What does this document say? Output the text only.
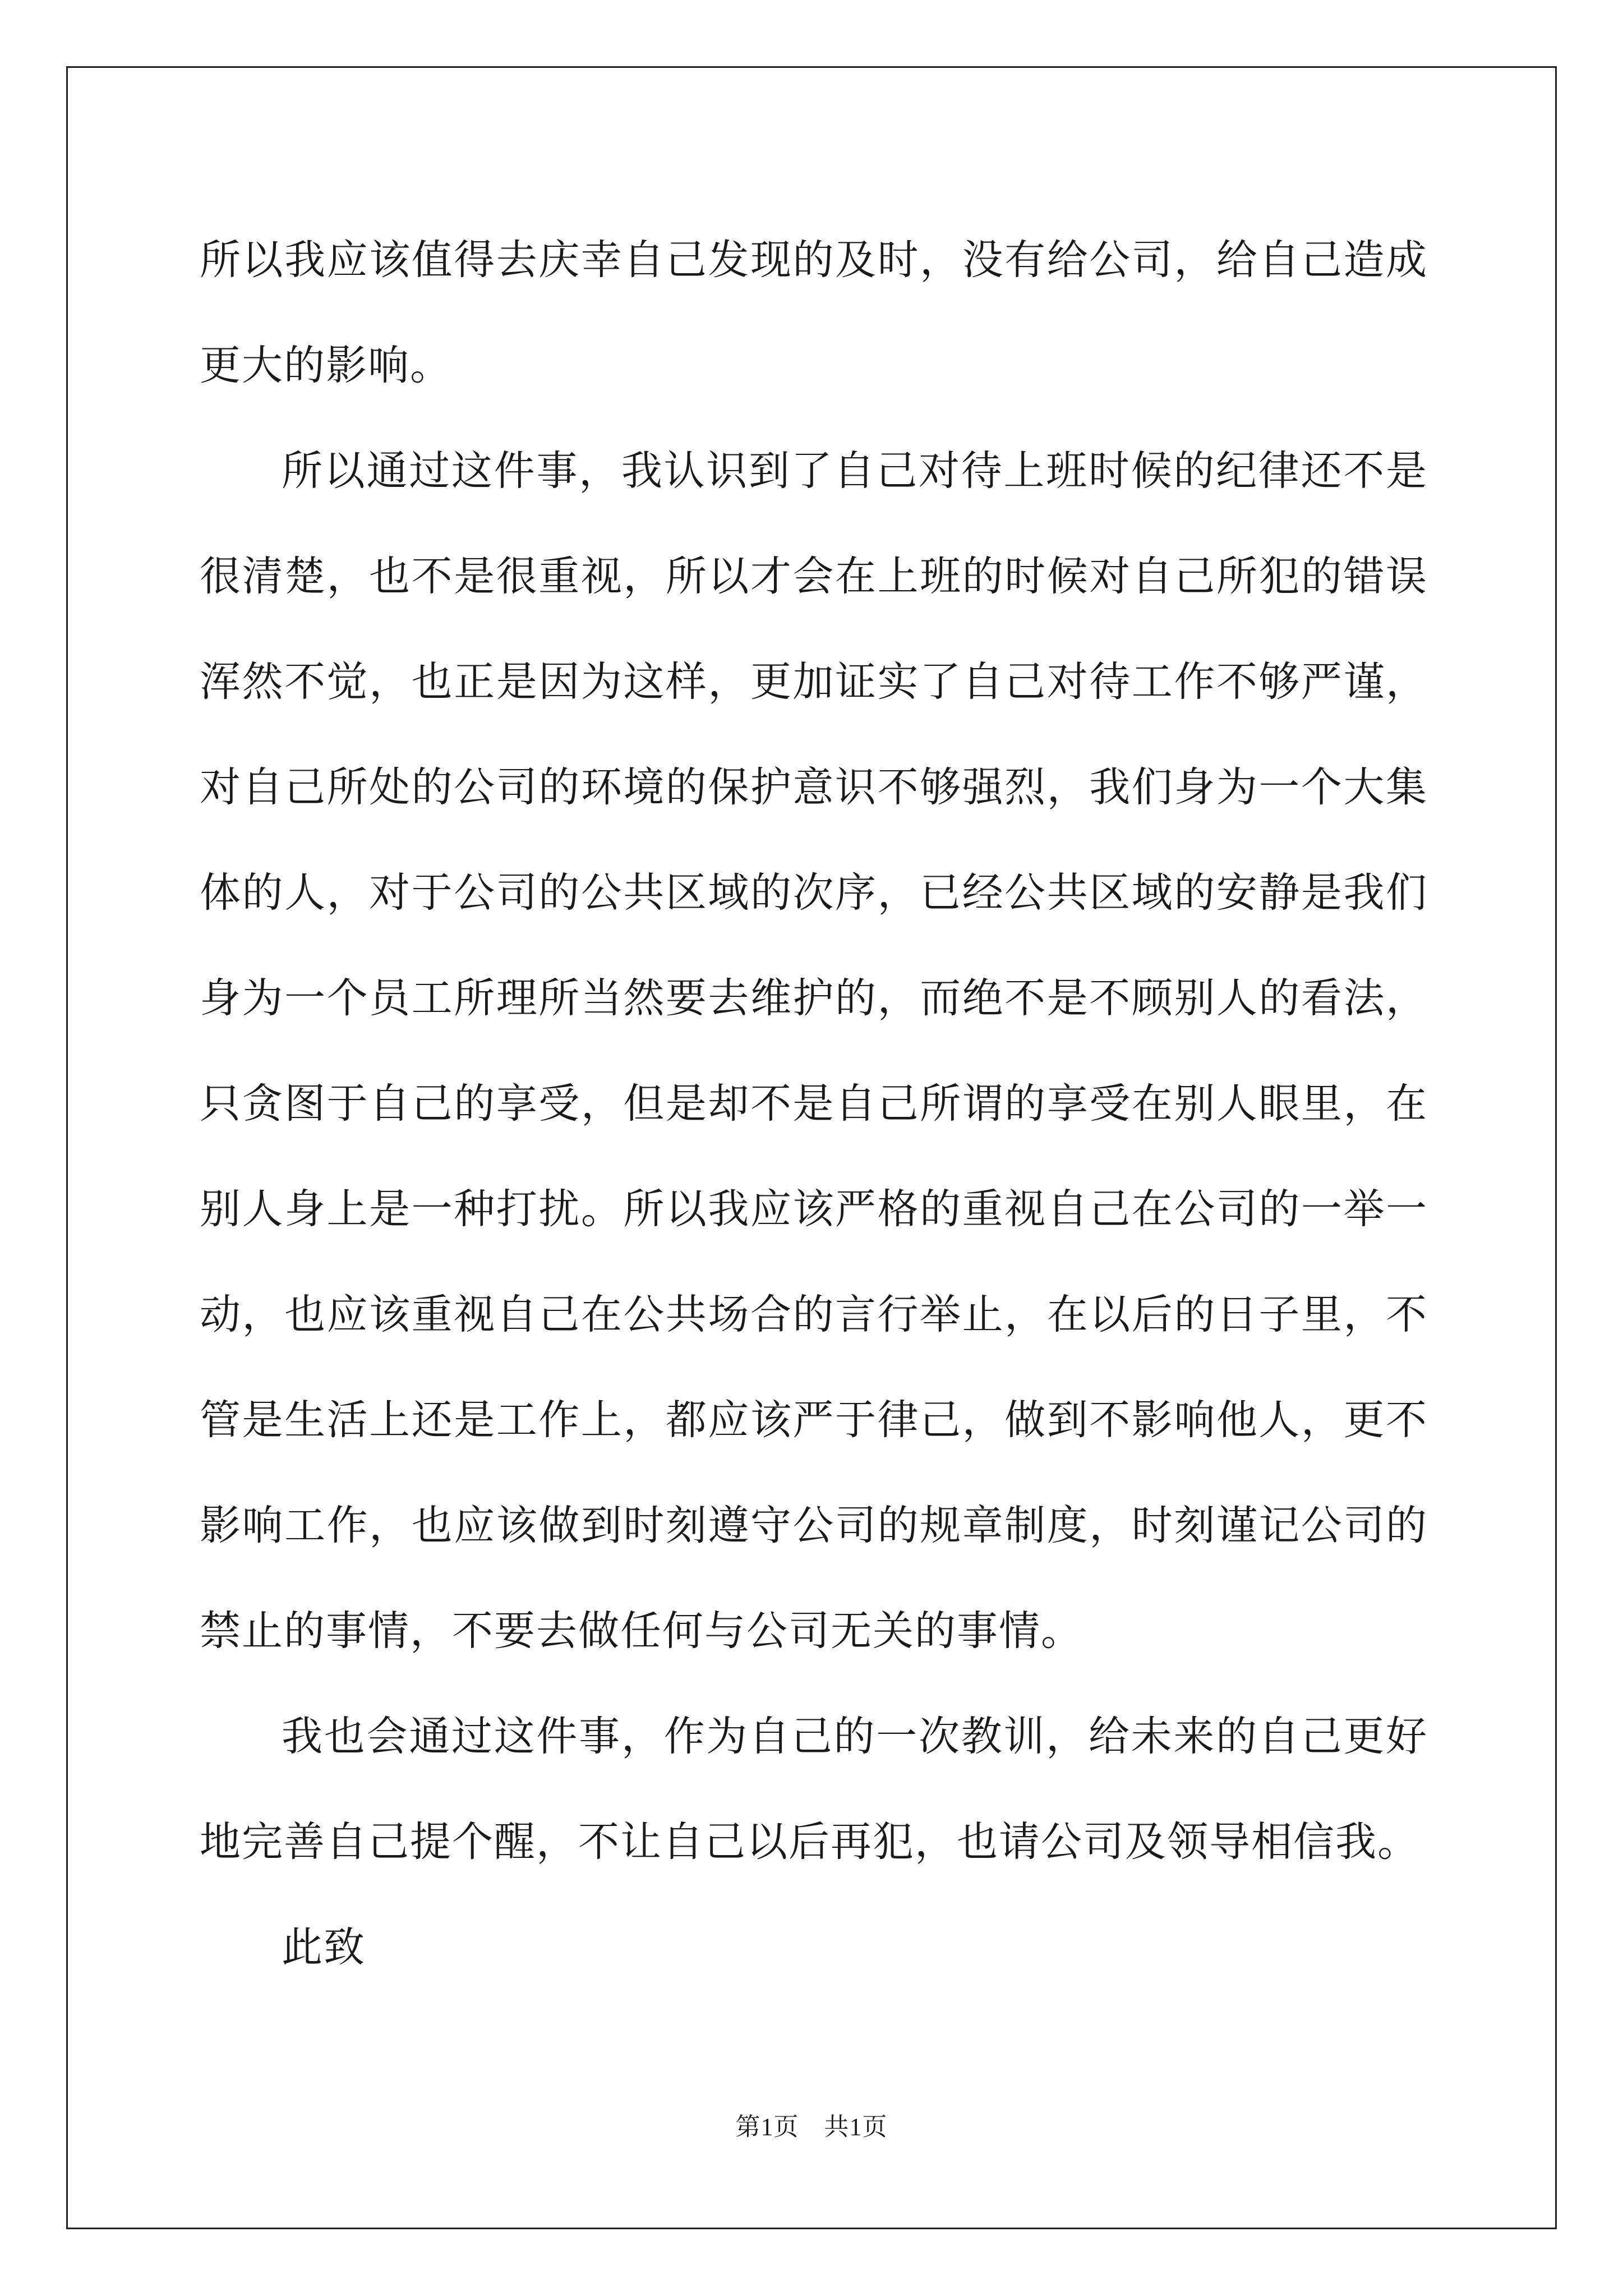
所以我应该值得去庆幸自己发现的及时，没有给公司，给自己造成更大的影响。

所以通过这件事，我认识到了自己对待上班时候的纪律还不是很清楚，也不是很重视，所以才会在上班的时候对自己所犯的错误浑然不觉，也正是因为这样，更加证实了自己对待工作不够严谨，对自己所处的公司的环境的保护意识不够强烈，我们身为一个大集体的人，对于公司的公共区域的次序，已经公共区域的安静是我们身为一个员工所理所当然要去维护的，而绝不是不顾别人的看法，只贪图于自己的享受，但是却不是自己所谓的享受在别人眼里，在别人身上是一种打扰。所以我应该严格的重视自己在公司的一举一动，也应该重视自己在公共场合的言行举止，在以后的日子里，不管是生活上还是工作上，都应该严于律己，做到不影响他人，更不影响工作，也应该做到时刻遵守公司的规章制度，时刻谨记公司的禁止的事情，不要去做任何与公司无关的事情。

我也会通过这件事，作为自己的一次教训，给未来的自己更好地完善自己提个醒，不让自己以后再犯，也请公司及领导相信我。

此致

第1页　共1页
